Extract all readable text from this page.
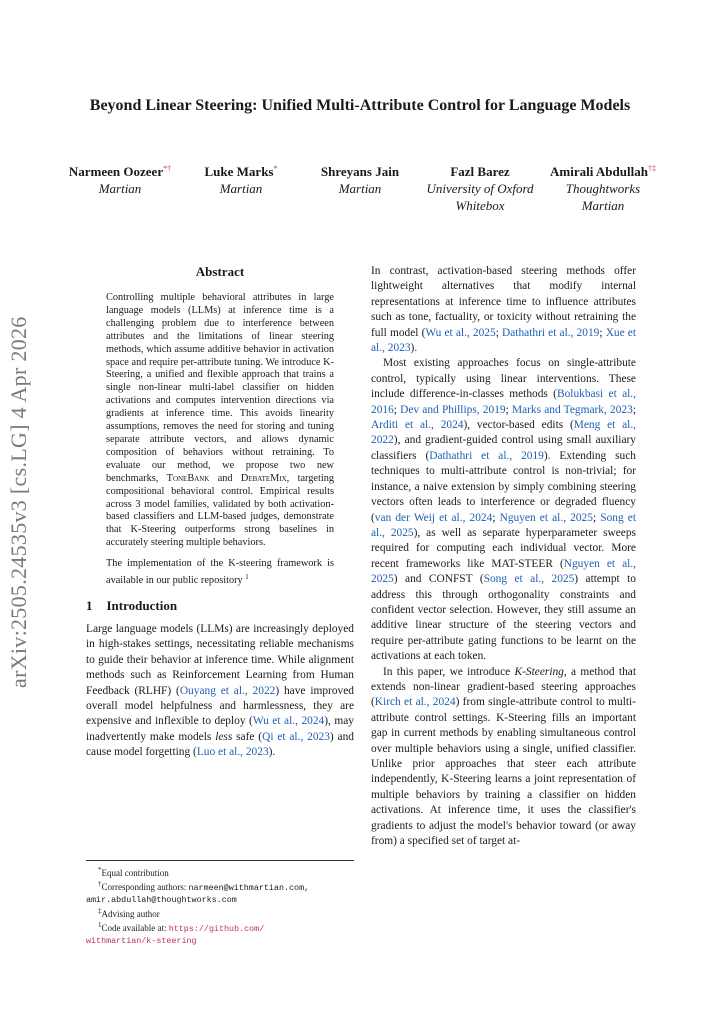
Beyond Linear Steering: Unified Multi-Attribute Control for Language Models
Narmeen Oozeer*†
Martian
Luke Marks*
Martian
Shreyans Jain
Martian
Fazl Barez
University of Oxford
Whitebox
Amirali Abdullah†‡
Thoughtworks
Martian
arXiv:2505.24535v3 [cs.LG] 4 Apr 2026
Abstract

Controlling multiple behavioral attributes in large language models (LLMs) at inference time is a challenging problem due to interference between attributes and the limitations of linear steering methods, which assume additive behavior in activation space and require per-attribute tuning. We introduce K-Steering, a unified and flexible approach that trains a single non-linear multi-label classifier on hidden activations and computes intervention directions via gradients at inference time. This avoids linearity assumptions, removes the need for storing and tuning separate attribute vectors, and allows dynamic composition of behaviors without retraining. To evaluate our method, we propose two new benchmarks, ToneBank and DebateMix, targeting compositional behavioral control. Empirical results across 3 model families, validated by both activation-based classifiers and LLM-based judges, demonstrate that K-Steering outperforms strong baselines in accurately steering multiple behaviors.

The implementation of the K-steering framework is available in our public repository $^1$

1 Introduction

Large language models (LLMs) are increasingly deployed in high-stakes settings, necessitating reliable mechanisms to guide their behavior at inference time. While alignment methods such as Reinforcement Learning from Human Feedback (RLHF) (Ouyang et al., 2022) have improved overall model helpfulness and harmlessness, they are expensive and inflexible to deploy (Wu et al., 2024), may inadvertently make models less safe (Qi et al., 2023) and cause model forgetting (Luo et al., 2023).

*Equal contribution

†Corresponding authors: narmeen@withmartian.com,

amir.abdullah@thoughtworks.com

‡Advising author

$^1$Code available at: https://github.com/

withmartian/k-steering

In contrast, activation-based steering methods offer lightweight alternatives that modify internal representations at inference time to influence attributes such as tone, factuality, or toxicity without retraining the full model (Wu et al., 2025; Dathathri et al., 2019; Xue et al., 2023).

Most existing approaches focus on single-attribute control, typically using linear interventions. These include difference-in-classes methods (Bolukbasi et al., 2016; Dev and Phillips, 2019; Marks and Tegmark, 2023; Arditi et al., 2024), vector-based edits (Meng et al., 2022), and gradient-guided control using small auxiliary classifiers (Dathathri et al., 2019). Extending such techniques to multi-attribute control is non-trivial; for instance, a naive extension by simply combining steering vectors often leads to interference or degraded fluency (van der Weij et al., 2024; Nguyen et al., 2025; Song et al., 2025), as well as separate hyperparameter sweeps required for computing each individual vector. More recent frameworks like MAT-STEER (Nguyen et al., 2025) and CONFST (Song et al., 2025) attempt to address this through orthogonality constraints and confident vector selection. However, they still assume an additive linear structure of the steering vectors and require per-attribute gating functions to be learnt on the activations at each token.

In this paper, we introduce K-Steering, a method that extends non-linear gradient-based steering approaches (Kirch et al., 2024) from single-attribute control to multi-attribute control settings. K-Steering fills an important gap in current methods by enabling simultaneous control over multiple behaviors using a single, unified classifier. Unlike prior approaches that steer each attribute independently, K-Steering learns a joint representation of multiple behaviors by training a classifier on hidden activations. At inference time, it uses the classifier's gradients to adjust the model's behavior toward (or away from) a specified set of target at-
